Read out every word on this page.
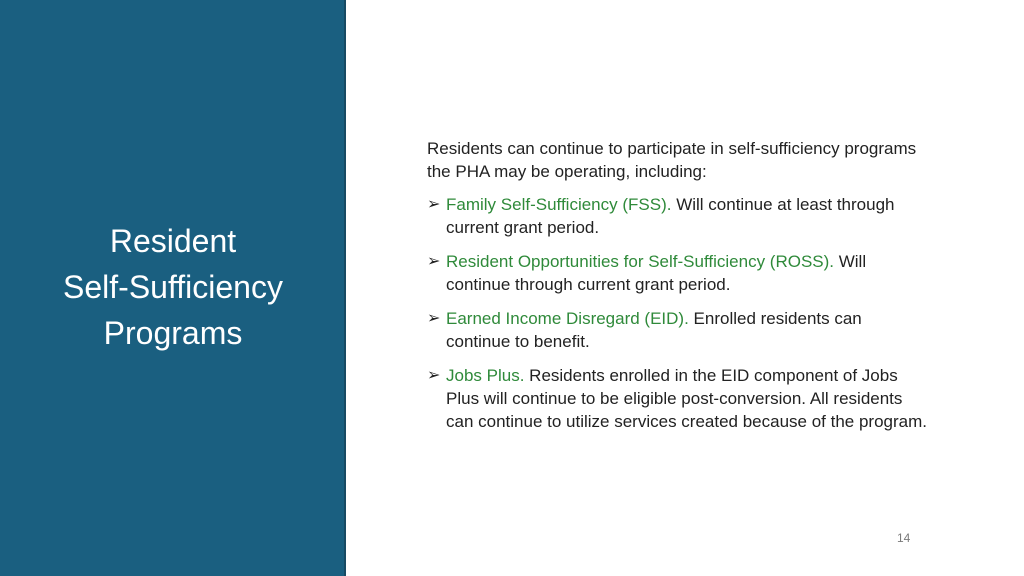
Resident
Self-Sufficiency
Programs

Residents can continue to participate in self-sufficiency programs the PHA may be operating, including:

➢ Family Self-Sufficiency (FSS). Will continue at least through current grant period.
➢ Resident Opportunities for Self-Sufficiency (ROSS). Will continue through current grant period.
➢ Earned Income Disregard (EID). Enrolled residents can continue to benefit.
➢ Jobs Plus. Residents enrolled in the EID component of Jobs Plus will continue to be eligible post-conversion. All residents can continue to utilize services created because of the program.
14
